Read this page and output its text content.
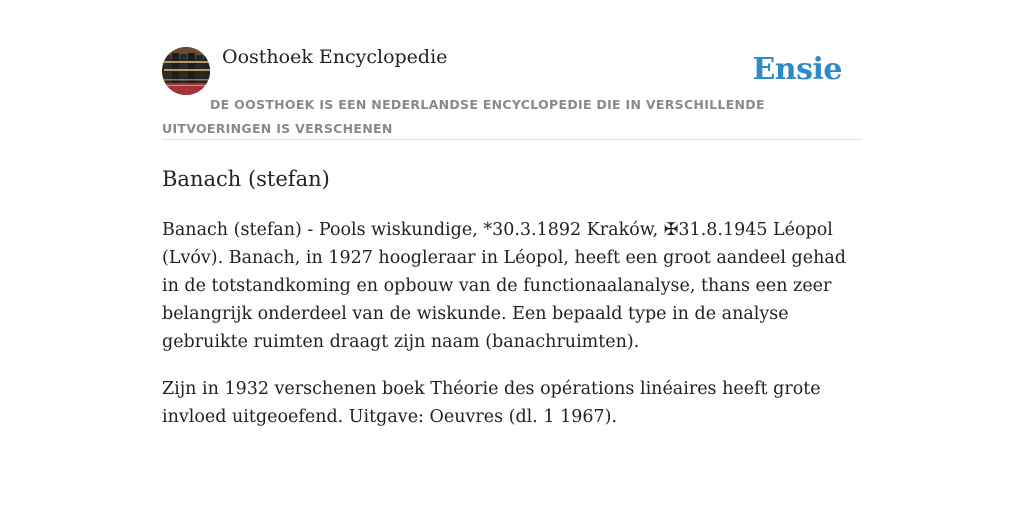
Oosthoek Encyclopedie	Ensie
DE OOSTHOEK IS EEN NEDERLANDSE ENCYCLOPEDIE DIE IN VERSCHILLENDE UITVOERINGEN IS VERSCHENEN
Banach (stefan)

Banach (stefan) - Pools wiskundige, *30.3.1892 Kraków, ✠31.8.1945 Léopol (Lvóv). Banach, in 1927 hoogleraar in Léopol, heeft een groot aandeel gehad in de totstandkoming en opbouw van de functionaalanalyse, thans een zeer belangrijk onderdeel van de wiskunde. Een bepaald type in de analyse gebruikte ruimten draagt zijn naam (banachruimten).

Zijn in 1932 verschenen boek Théorie des opérations linéaires heeft grote invloed uitgeoefend. Uitgave: Oeuvres (dl. 1 1967).
